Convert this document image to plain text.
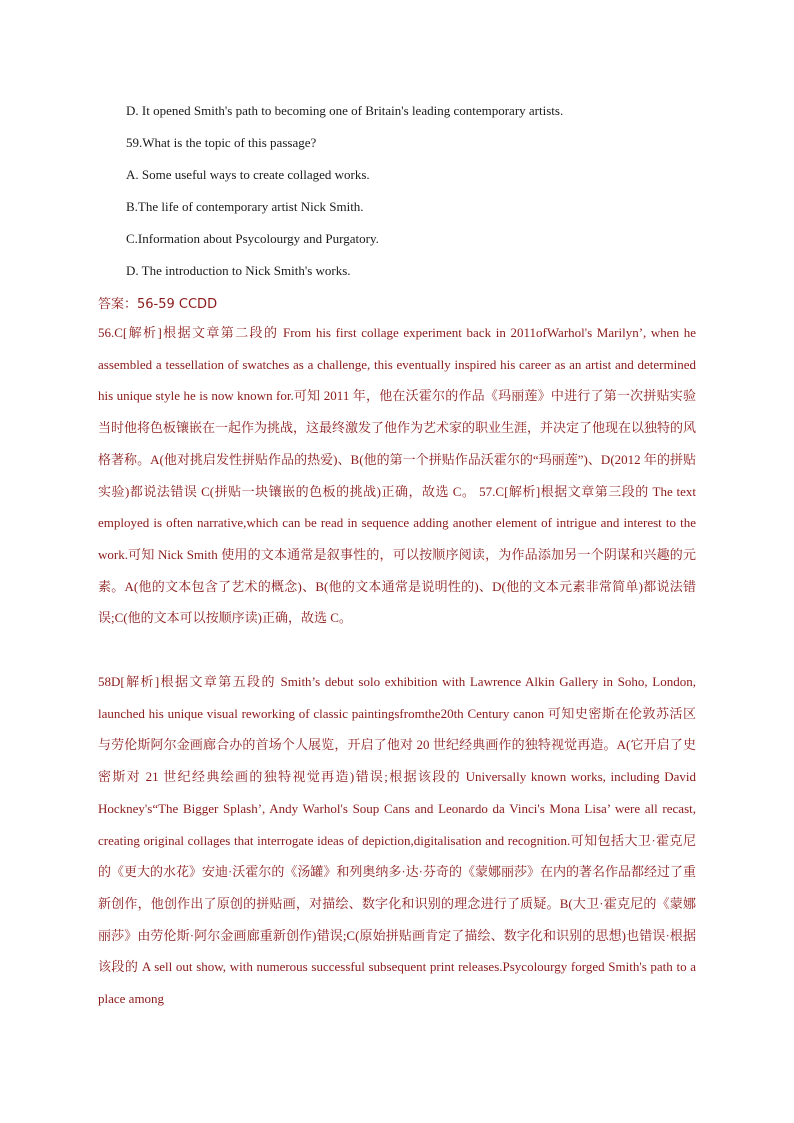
D. It opened Smith's path to becoming one of Britain's leading contemporary artists.
59.What is the topic of this passage?
A. Some useful ways to create collaged works.
B.The life of contemporary artist Nick Smith.
C.Information about Psycolourgy and Purgatory.
D. The introduction to Nick Smith's works.
答案：56-59 CCDD

56.C[解析]根据文章第二段的 From his first collage experiment back in 2011ofWarhol's Marilyn’, when he assembled a tessellation of swatches as a challenge, this eventually inspired his career as an artist and determined his unique style he is now known for.可知 2011 年，他在沃霍尔的作品《玛丽莲》中进行了第一次拼贴实验当时他将色板镶嵌在一起作为挑战，这最终激发了他作为艺术家的职业生涯，并决定了他现在以独特的风格著称。A(他对挑启发性拼贴作品的热爱)、B(他的第一个拼贴作品沃霍尔的“玛丽莲”)、D(2012 年的拼贴实验)都说法错误 C(拼贴一块镶嵌的色板的挑战)正确，故选 C。 57.C[解析]根据文章第三段的 The text employed is often narrative,which can be read in sequence adding another element of intrigue and interest to the work.可知 Nick Smith 使用的文本通常是叙事性的，可以按顺序阅读，为作品添加另一个阴谋和兴趣的元素。A(他的文本包含了艺术的概念)、B(他的文本通常是说明性的)、D(他的文本元素非常简单)都说法错误;C(他的文本可以按顺序读)正确，故选 C。

58D[解析]根据文章第五段的 Smith’s debut solo exhibition with Lawrence Alkin Gallery in Soho, London, launched his unique visual reworking of classic paintingsfromthe20th Century canon 可知史密斯在伦敦苏活区与劳伦斯阿尔金画廊合办的首场个人展览，开启了他对 20 世纪经典画作的独特视觉再造。A(它开启了史密斯对 21 世纪经典绘画的独特视觉再造)错误;根据该段的 Universally known works, including David Hockney's“The Bigger Splash’, Andy Warhol's Soup Cans and Leonardo da Vinci's Mona Lisa’ were all recast, creating original collages that interrogate ideas of depiction,digitalisation and recognition.可知包括大卫·霍克尼的《更大的水花》安迪·沃霍尔的《汤罐》和列奥纳多·达·芬奇的《蒙娜丽莎》在内的著名作品都经过了重新创作，他创作出了原创的拼贴画，对描绘、数字化和识别的理念进行了质疑。B(大卫·霍克尼的《蒙娜丽莎》由劳伦斯·阿尔金画廊重新创作)错误;C(原始拼贴画肯定了描绘、数字化和识别的思想)也错误·根据该段的 A sell out show, with numerous successful subsequent print releases.Psycolourgy forged Smith's path to a place among
